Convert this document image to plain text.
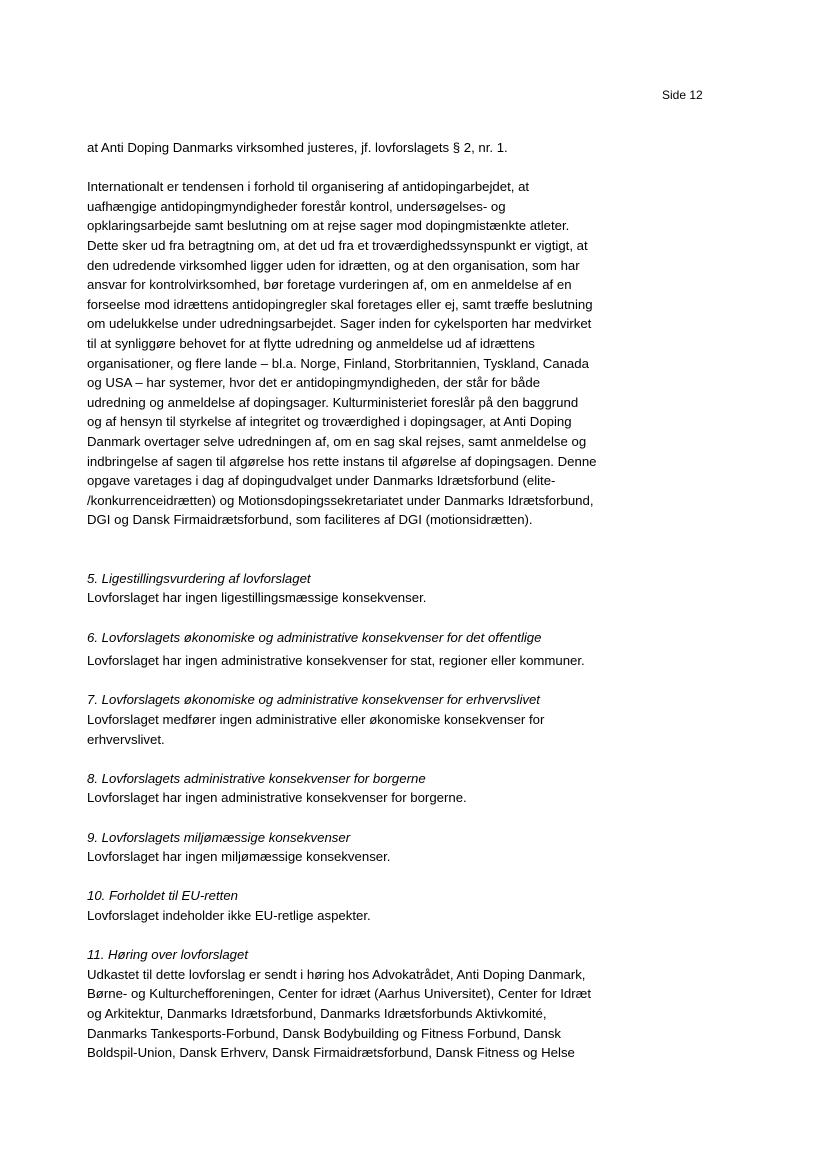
Side 12

at Anti Doping Danmarks virksomhed justeres, jf. lovforslagets § 2, nr. 1.

Internationalt er tendensen i forhold til organisering af antidopingarbejdet, at
uafhængige antidopingmyndigheder forestår kontrol, undersøgelses- og
opklaringsarbejde samt beslutning om at rejse sager mod dopingmistænkte atleter.
Dette sker ud fra betragtning om, at det ud fra et troværdighedssynspunkt er vigtigt, at
den udredende virksomhed ligger uden for idrætten, og at den organisation, som har
ansvar for kontrolvirksomhed, bør foretage vurderingen af, om en anmeldelse af en
forseelse mod idrættens antidopingregler skal foretages eller ej, samt træffe beslutning
om udelukkelse under udredningsarbejdet. Sager inden for cykelsporten har medvirket
til at synliggøre behovet for at flytte udredning og anmeldelse ud af idrættens
organisationer, og flere lande – bl.a. Norge, Finland, Storbritannien, Tyskland, Canada
og USA – har systemer, hvor det er antidopingmyndigheden, der står for både
udredning og anmeldelse af dopingsager. Kulturministeriet foreslår på den baggrund
og af hensyn til styrkelse af integritet og troværdighed i dopingsager, at Anti Doping
Danmark overtager selve udredningen af, om en sag skal rejses, samt anmeldelse og
indbringelse af sagen til afgørelse hos rette instans til afgørelse af dopingsagen. Denne
opgave varetages i dag af dopingudvalget under Danmarks Idrætsforbund (elite-
/konkurrenceidrætten) og Motionsdopingssekretariatet under Danmarks Idrætsforbund,
DGI og Dansk Firmaidrætsforbund, som faciliteres af DGI (motionsidrætten).

5. Ligestillingsvurdering af lovforslaget
Lovforslaget har ingen ligestillingsmæssige konsekvenser.
6. Lovforslagets økonomiske og administrative konsekvenser for det offentlige
Lovforslaget har ingen administrative konsekvenser for stat, regioner eller kommuner.
7. Lovforslagets økonomiske og administrative konsekvenser for erhvervslivet
Lovforslaget medfører ingen administrative eller økonomiske konsekvenser for
erhvervslivet.
8. Lovforslagets administrative konsekvenser for borgerne
Lovforslaget har ingen administrative konsekvenser for borgerne.
9. Lovforslagets miljømæssige konsekvenser
Lovforslaget har ingen miljømæssige konsekvenser.
10. Forholdet til EU-retten
Lovforslaget indeholder ikke EU-retlige aspekter.
11. Høring over lovforslaget
Udkastet til dette lovforslag er sendt i høring hos Advokatrådet, Anti Doping Danmark,
Børne- og Kulturchefforeningen, Center for idræt (Aarhus Universitet), Center for Idræt
og Arkitektur, Danmarks Idrætsforbund, Danmarks Idrætsforbunds Aktivkomité,
Danmarks Tankesports-Forbund, Dansk Bodybuilding og Fitness Forbund, Dansk
Boldspil-Union, Dansk Erhverv, Dansk Firmaidrætsforbund, Dansk Fitness og Helse
